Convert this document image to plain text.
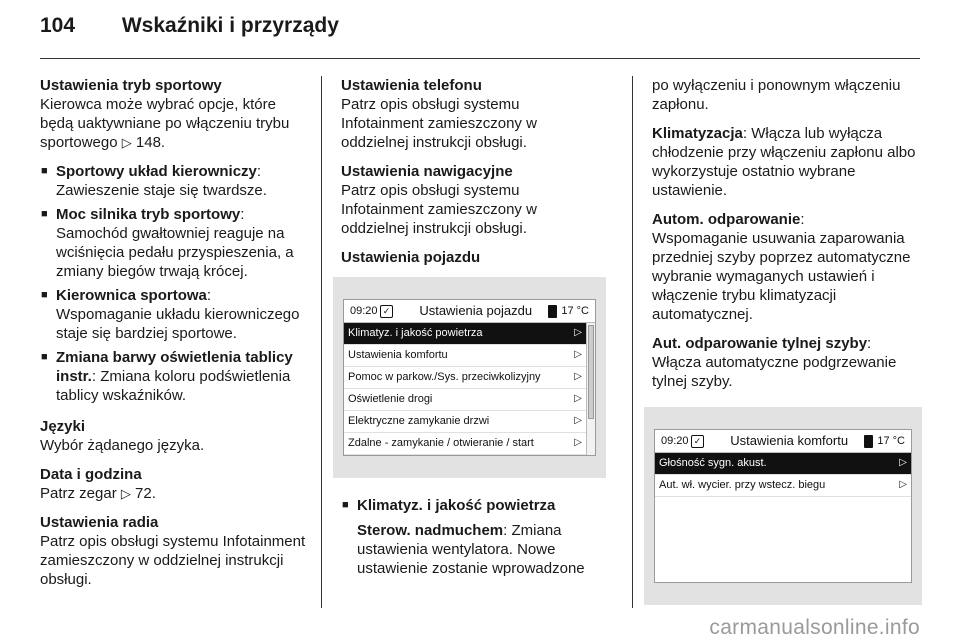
104 Wskaźniki i przyrządy

Ustawienia tryb sportowy
Kierowca może wybrać opcje, które będą uaktywniane po włączeniu trybu sportowego ▷ 148.

■ Sportowy układ kierowniczy:
Zawieszenie staje się twardsze.
■ Moc silnika tryb sportowy:
Samochód gwałtowniej reaguje na wciśnięcia pedału przyspieszenia, a zmiany biegów trwają krócej.
■ Kierownica sportowa:
Wspomaganie układu kierowniczego staje się bardziej sportowe.
■ Zmiana barwy oświetlenia tablicy instr.: Zmiana koloru podświetlenia tablicy wskaźników.

Języki
Wybór żądanego języka.

Data i godzina
Patrz zegar ▷ 72.

Ustawienia radia
Patrz opis obsługi systemu Infotainment zamieszczony w oddzielnej instrukcji obsługi.

Ustawienia telefonu
Patrz opis obsługi systemu Infotainment zamieszczony w oddzielnej instrukcji obsługi.

Ustawienia nawigacyjne
Patrz opis obsługi systemu Infotainment zamieszczony w oddzielnej instrukcji obsługi.

Ustawienia pojazdu

09:20 ✓	Ustawienia pojazdu	17 °C
Klimatyz. i jakość powietrza	▷
Ustawienia komfortu	▷
Pomoc w parkow./Sys. przeciwkolizyjny	▷
Oświetlenie drogi	▷
Elektryczne zamykanie drzwi	▷
Zdalne - zamykanie / otwieranie / start	▷
■ Klimatyz. i jakość powietrza

Sterow. nadmuchem: Zmiana ustawienia wentylatora. Nowe ustawienie zostanie wprowadzone

po wyłączeniu i ponownym włączeniu zapłonu.

Klimatyzacja: Włącza lub wyłącza chłodzenie przy włączeniu zapłonu albo wykorzystuje ostatnio wybrane ustawienie.

Autom. odparowanie:
Wspomaganie usuwania zaparowania przedniej szyby poprzez automatyczne wybranie wymaganych ustawień i włączenie trybu klimatyzacji automatycznej.

Aut. odparowanie tylnej szyby:
Włącza automatyczne podgrzewanie tylnej szyby.

09:20 ✓	Ustawienia komfortu	17 °C
Głośność sygn. akust.	▷
Aut. wł. wycier. przy wstecz. biegu	▷
carmanualsonline.info
